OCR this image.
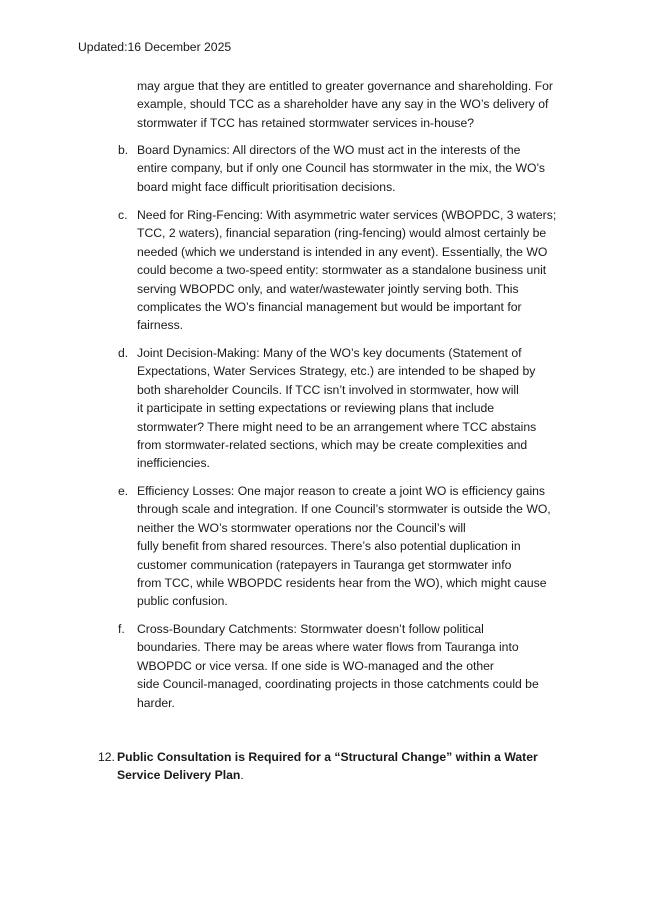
Updated:16 December 2025
may argue that they are entitled to greater governance and shareholding. For
example, should TCC as a shareholder have any say in the WO’s delivery of
stormwater if TCC has retained stormwater services in-house?
b. Board Dynamics: All directors of the WO must act in the interests of the
entire company, but if only one Council has stormwater in the mix, the WO’s
board might face difficult prioritisation decisions.
c. Need for Ring-Fencing: With asymmetric water services (WBOPDC, 3 waters;
TCC, 2 waters), financial separation (ring-fencing) would almost certainly be
needed (which we understand is intended in any event). Essentially, the WO
could become a two-speed entity: stormwater as a standalone business unit
serving WBOPDC only, and water/wastewater jointly serving both. This
complicates the WO’s financial management but would be important for
fairness.
d. Joint Decision-Making: Many of the WO’s key documents (Statement of
Expectations, Water Services Strategy, etc.) are intended to be shaped by
both shareholder Councils. If TCC isn’t involved in stormwater, how will
it participate in setting expectations or reviewing plans that include
stormwater? There might need to be an arrangement where TCC abstains
from stormwater-related sections, which may be create complexities and
inefficiencies.
e. Efficiency Losses: One major reason to create a joint WO is efficiency gains
through scale and integration. If one Council’s stormwater is outside the WO,
neither the WO’s stormwater operations nor the Council’s will
fully benefit from shared resources. There’s also potential duplication in
customer communication (ratepayers in Tauranga get stormwater info
from TCC, while WBOPDC residents hear from the WO), which might cause
public confusion.
f.	Cross-Boundary Catchments: Stormwater doesn’t follow political
boundaries. There may be areas where water flows from Tauranga into
WBOPDC or vice versa. If one side is WO-managed and the other
side Council-managed, coordinating projects in those catchments could be
harder.
12. Public Consultation is Required for a “Structural Change” within a Water
Service Delivery Plan.
